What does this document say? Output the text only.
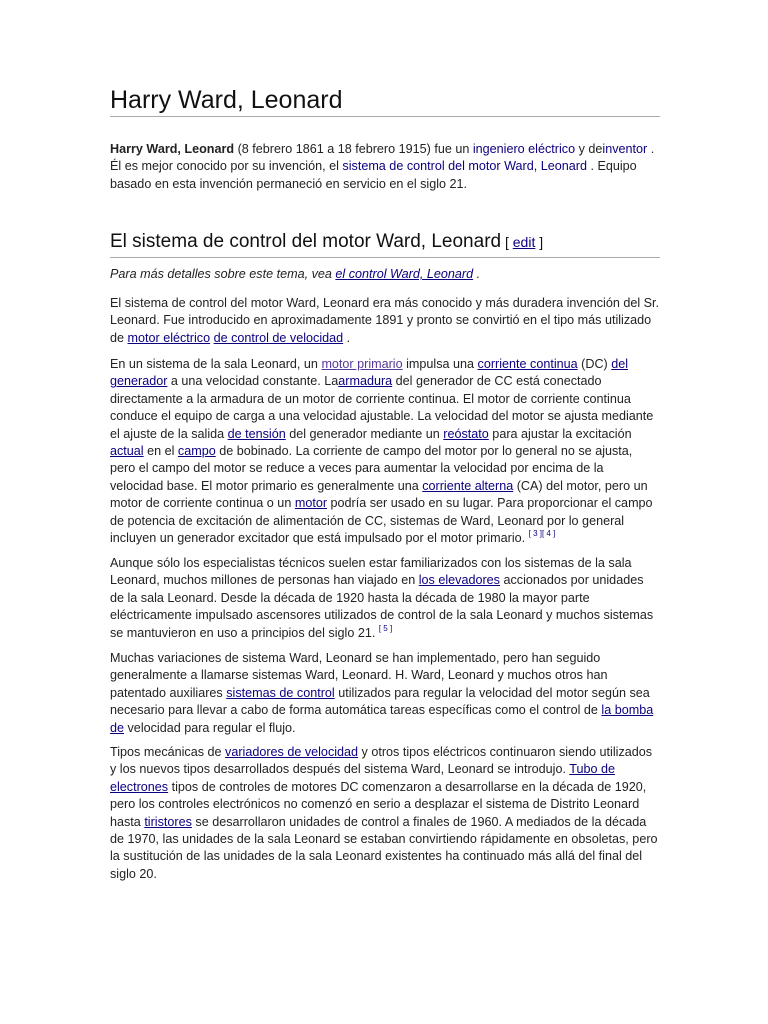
Harry Ward, Leonard

Harry Ward, Leonard (8 febrero 1861 a 18 febrero 1915) fue un ingeniero eléctrico y deinventor . Él es mejor conocido por su invención, el sistema de control del motor Ward, Leonard . Equipo basado en esta invención permaneció en servicio en el siglo 21.

El sistema de control del motor Ward, Leonard [ edit ]

Para más detalles sobre este tema, vea el control Ward, Leonard .

El sistema de control del motor Ward, Leonard era más conocido y más duradera invención del Sr. Leonard. Fue introducido en aproximadamente 1891 y pronto se convirtió en el tipo más utilizado de motor eléctrico de control de velocidad .

En un sistema de la sala Leonard, un motor primario impulsa una corriente continua (DC) del generador a una velocidad constante. Laarmadura del generador de CC está conectado directamente a la armadura de un motor de corriente continua. El motor de corriente continua conduce el equipo de carga a una velocidad ajustable. La velocidad del motor se ajusta mediante el ajuste de la salida de tensión del generador mediante un reóstato para ajustar la excitación actual en el campo de bobinado. La corriente de campo del motor por lo general no se ajusta, pero el campo del motor se reduce a veces para aumentar la velocidad por encima de la velocidad base. El motor primario es generalmente una corriente alterna (CA) del motor, pero un motor de corriente continua o un motor podría ser usado en su lugar. Para proporcionar el campo de potencia de excitación de alimentación de CC, sistemas de Ward, Leonard por lo general incluyen un generador excitador que está impulsado por el motor primario. [ 3 ][ 4 ]

Aunque sólo los especialistas técnicos suelen estar familiarizados con los sistemas de la sala Leonard, muchos millones de personas han viajado en los elevadores accionados por unidades de la sala Leonard. Desde la década de 1920 hasta la década de 1980 la mayor parte eléctricamente impulsado ascensores utilizados de control de la sala Leonard y muchos sistemas se mantuvieron en uso a principios del siglo 21. [ 5 ]

Muchas variaciones de sistema Ward, Leonard se han implementado, pero han seguido generalmente a llamarse sistemas Ward, Leonard. H. Ward, Leonard y muchos otros han patentado auxiliares sistemas de control utilizados para regular la velocidad del motor según sea necesario para llevar a cabo de forma automática tareas específicas como el control de la bomba de velocidad para regular el flujo.

Tipos mecánicas de variadores de velocidad y otros tipos eléctricos continuaron siendo utilizados y los nuevos tipos desarrollados después del sistema Ward, Leonard se introdujo. Tubo de electrones tipos de controles de motores DC comenzaron a desarrollarse en la década de 1920, pero los controles electrónicos no comenzó en serio a desplazar el sistema de Distrito Leonard hasta tiristores se desarrollaron unidades de control a finales de 1960. A mediados de la década de 1970, las unidades de la sala Leonard se estaban convirtiendo rápidamente en obsoletas, pero la sustitución de las unidades de la sala Leonard existentes ha continuado más allá del final del siglo 20.
